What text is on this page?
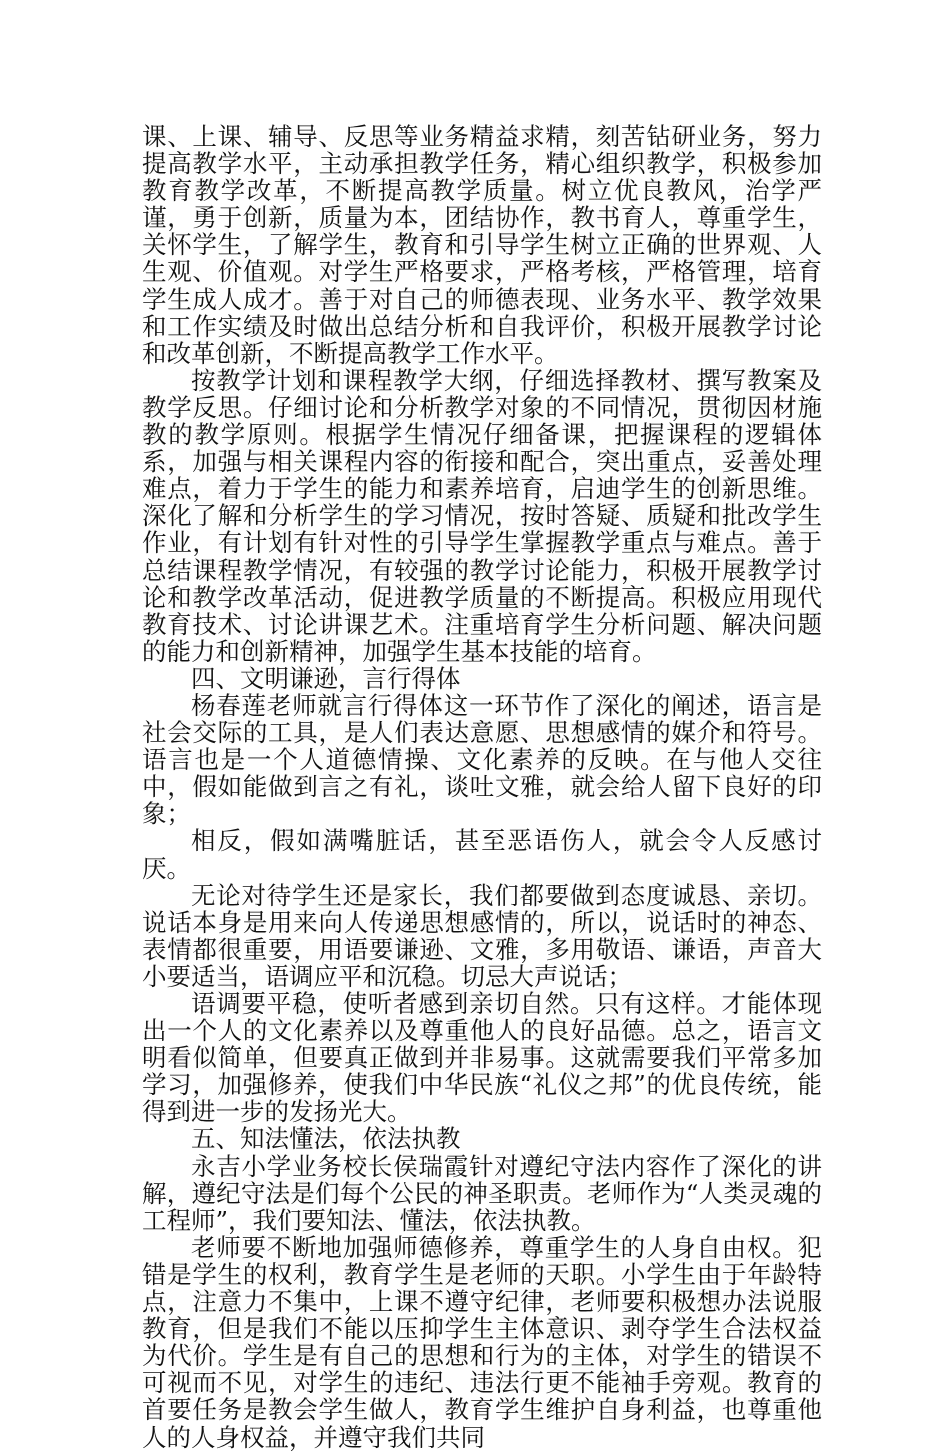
课、上课、辅导、反思等业务精益求精，刻苦钻研业务，努力提高教学水平，主动承担教学任务，精心组织教学，积极参加教育教学改革，不断提高教学质量。树立优良教风，治学严谨，勇于创新，质量为本，团结协作，教书育人，尊重学生，关怀学生，了解学生，教育和引导学生树立正确的世界观、人生观、价值观。对学生严格要求，严格考核，严格管理，培育学生成人成才。善于对自己的师德表现、业务水平、教学效果和工作实绩及时做出总结分析和自我评价，积极开展教学讨论和改革创新，不断提高教学工作水平。

按教学计划和课程教学大纲，仔细选择教材、撰写教案及教学反思。仔细讨论和分析教学对象的不同情况，贯彻因材施教的教学原则。根据学生情况仔细备课，把握课程的逻辑体系，加强与相关课程内容的衔接和配合，突出重点，妥善处理难点，着力于学生的能力和素养培育，启迪学生的创新思维。深化了解和分析学生的学习情况，按时答疑、质疑和批改学生作业，有计划有针对性的引导学生掌握教学重点与难点。善于总结课程教学情况，有较强的教学讨论能力，积极开展教学讨论和教学改革活动，促进教学质量的不断提高。积极应用现代教育技术、讨论讲课艺术。注重培育学生分析问题、解决问题的能力和创新精神，加强学生基本技能的培育。

四、文明谦逊，言行得体

杨春莲老师就言行得体这一环节作了深化的阐述，语言是社会交际的工具，是人们表达意愿、思想感情的媒介和符号。语言也是一个人道德情操、文化素养的反映。在与他人交往中，假如能做到言之有礼，谈吐文雅，就会给人留下良好的印象；

相反，假如满嘴脏话，甚至恶语伤人，就会令人反感讨厌。

无论对待学生还是家长，我们都要做到态度诚恳、亲切。说话本身是用来向人传递思想感情的，所以，说话时的神态、表情都很重要，用语要谦逊、文雅，多用敬语、谦语，声音大小要适当，语调应平和沉稳。切忌大声说话；

语调要平稳，使听者感到亲切自然。只有这样。才能体现出一个人的文化素养以及尊重他人的良好品德。总之，语言文明看似简单，但要真正做到并非易事。这就需要我们平常多加学习，加强修养，使我们中华民族“礼仪之邦”的优良传统，能得到进一步的发扬光大。

五、知法懂法，依法执教

永吉小学业务校长侯瑞霞针对遵纪守法内容作了深化的讲解，遵纪守法是们每个公民的神圣职责。老师作为“人类灵魂的工程师”，我们要知法、懂法，依法执教。

老师要不断地加强师德修养，尊重学生的人身自由权。犯错是学生的权利，教育学生是老师的天职。小学生由于年龄特点，注意力不集中，上课不遵守纪律，老师要积极想办法说服教育，但是我们不能以压抑学生主体意识、剥夺学生合法权益为代价。学生是有自己的思想和行为的主体，对学生的错误不可视而不见，对学生的违纪、违法行更不能袖手旁观。教育的首要任务是教会学生做人，教育学生维护自身利益，也尊重他人的人身权益，并遵守我们共同
